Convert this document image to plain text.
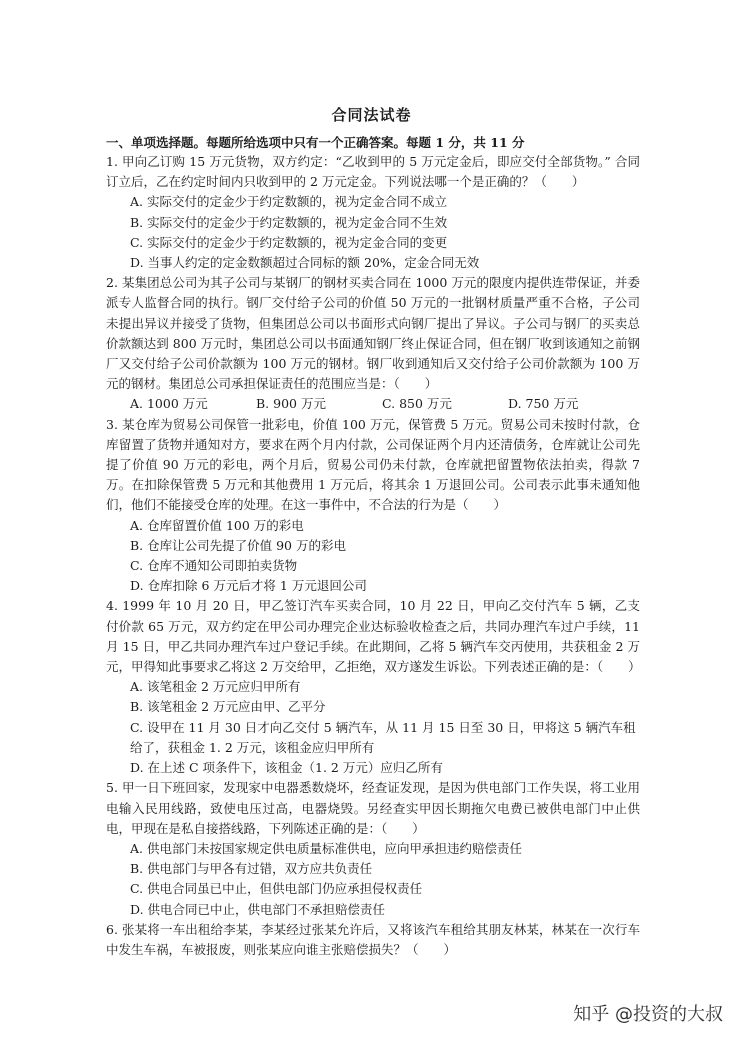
合同法试卷
一、单项选择题。每题所给选项中只有一个正确答案。每题 1 分，共 11 分

1. 甲向乙订购 15 万元货物，双方约定：“乙收到甲的 5 万元定金后，即应交付全部货物。” 合同订立后，乙在约定时间内只收到甲的 2 万元定金。下列说法哪一个是正确的？（　　）

A. 实际交付的定金少于约定数额的，视为定金合同不成立

B. 实际交付的定金少于约定数额的，视为定金合同不生效

C. 实际交付的定金少于约定数额的，视为定金合同的变更

D. 当事人约定的定金数额超过合同标的额 20%，定金合同无效

2. 某集团总公司为其子公司与某钢厂的钢材买卖合同在 1000 万元的限度内提供连带保证，并委派专人监督合同的执行。钢厂交付给子公司的价值 50 万元的一批钢材质量严重不合格，子公司未提出异议并接受了货物，但集团总公司以书面形式向钢厂提出了异议。子公司与钢厂的买卖总价款额达到 800 万元时，集团总公司以书面通知钢厂终止保证合同，但在钢厂收到该通知之前钢厂又交付给子公司价款额为 100 万元的钢材。钢厂收到通知后又交付给子公司价款额为 100 万元的钢材。集团总公司承担保证责任的范围应当是：（　　）

A. 1000 万元	B. 900 万元	C. 850 万元	D. 750 万元

3. 某仓库为贸易公司保管一批彩电，价值 100 万元，保管费 5 万元。贸易公司未按时付款，仓库留置了货物并通知对方，要求在两个月内付款，公司保证两个月内还清债务，仓库就让公司先提了价值 90 万元的彩电，两个月后，贸易公司仍未付款，仓库就把留置物依法拍卖，得款 7 万。在扣除保管费 5 万元和其他费用 1 万元后，将其余 1 万退回公司。公司表示此事未通知他们，他们不能接受仓库的处理。在这一事件中，不合法的行为是（　　）

A. 仓库留置价值 100 万的彩电

B. 仓库让公司先提了价值 90 万的彩电

C. 仓库不通知公司即拍卖货物

D. 仓库扣除 6 万元后才将 1 万元退回公司

4. 1999 年 10 月 20 日，甲乙签订汽车买卖合同，10 月 22 日，甲向乙交付汽车 5 辆，乙支付价款 65 万元，双方约定在甲公司办理完企业达标验收检查之后，共同办理汽车过户手续，11 月 15 日，甲乙共同办理汽车过户登记手续。在此期间，乙将 5 辆汽车交丙使用，共获租金 2 万元，甲得知此事要求乙将这 2 万交给甲，乙拒绝，双方遂发生诉讼。下列表述正确的是：（　　）

A. 该笔租金 2 万元应归甲所有

B. 该笔租金 2 万元应由甲、乙平分

C. 设甲在 11 月 30 日才向乙交付 5 辆汽车，从 11 月 15 日至 30 日，甲将这 5 辆汽车租给了，获租金 1. 2 万元，该租金应归甲所有

D. 在上述 C 项条件下，该租金（1. 2 万元）应归乙所有

5. 甲一日下班回家，发现家中电器悉数烧坏，经查证发现，是因为供电部门工作失误，将工业用电输入民用线路，致使电压过高，电器烧毁。另经查实甲因长期拖欠电费已被供电部门中止供电，甲现在是私自接搭线路，下列陈述正确的是：（　　）

A. 供电部门未按国家规定供电质量标准供电，应向甲承担违约赔偿责任

B. 供电部门与甲各有过错，双方应共负责任

C. 供电合同虽已中止，但供电部门仍应承担侵权责任

D. 供电合同已中止，供电部门不承担赔偿责任

6. 张某将一车出租给李某，李某经过张某允许后，又将该汽车租给其朋友林某，林某在一次行车中发生车祸，车被报废，则张某应向谁主张赔偿损失？（　　）

知乎 @投资的大叔
